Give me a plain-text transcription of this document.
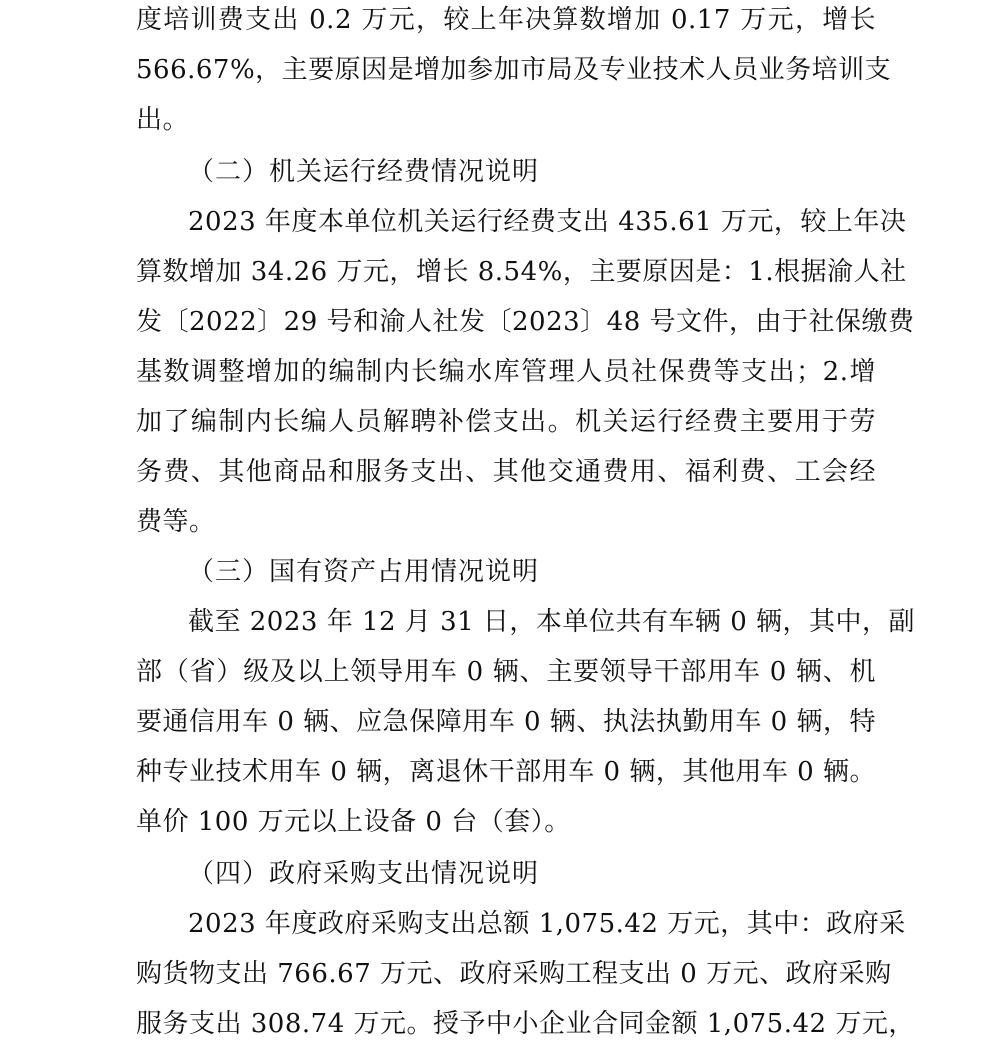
度培训费支出 0.2 万元，较上年决算数增加 0.17 万元，增长
566.67%，主要原因是增加参加市局及专业技术人员业务培训支
出。
（二）机关运行经费情况说明
2023 年度本单位机关运行经费支出 435.61 万元，较上年决
算数增加 34.26 万元，增长 8.54%，主要原因是：1.根据渝人社
发〔2022〕29 号和渝人社发〔2023〕48 号文件，由于社保缴费
基数调整增加的编制内长编水库管理人员社保费等支出；2.增
加了编制内长编人员解聘补偿支出。机关运行经费主要用于劳
务费、其他商品和服务支出、其他交通费用、福利费、工会经
费等。
（三）国有资产占用情况说明
截至 2023 年 12 月 31 日，本单位共有车辆 0 辆，其中，副
部（省）级及以上领导用车 0 辆、主要领导干部用车 0 辆、机
要通信用车 0 辆、应急保障用车 0 辆、执法执勤用车 0 辆，特
种专业技术用车 0 辆，离退休干部用车 0 辆，其他用车 0 辆。
单价 100 万元以上设备 0 台（套）。
（四）政府采购支出情况说明
2023 年度政府采购支出总额 1,075.42 万元，其中：政府采
购货物支出 766.67 万元、政府采购工程支出 0 万元、政府采购
服务支出 308.74 万元。授予中小企业合同金额 1,075.42 万元，
